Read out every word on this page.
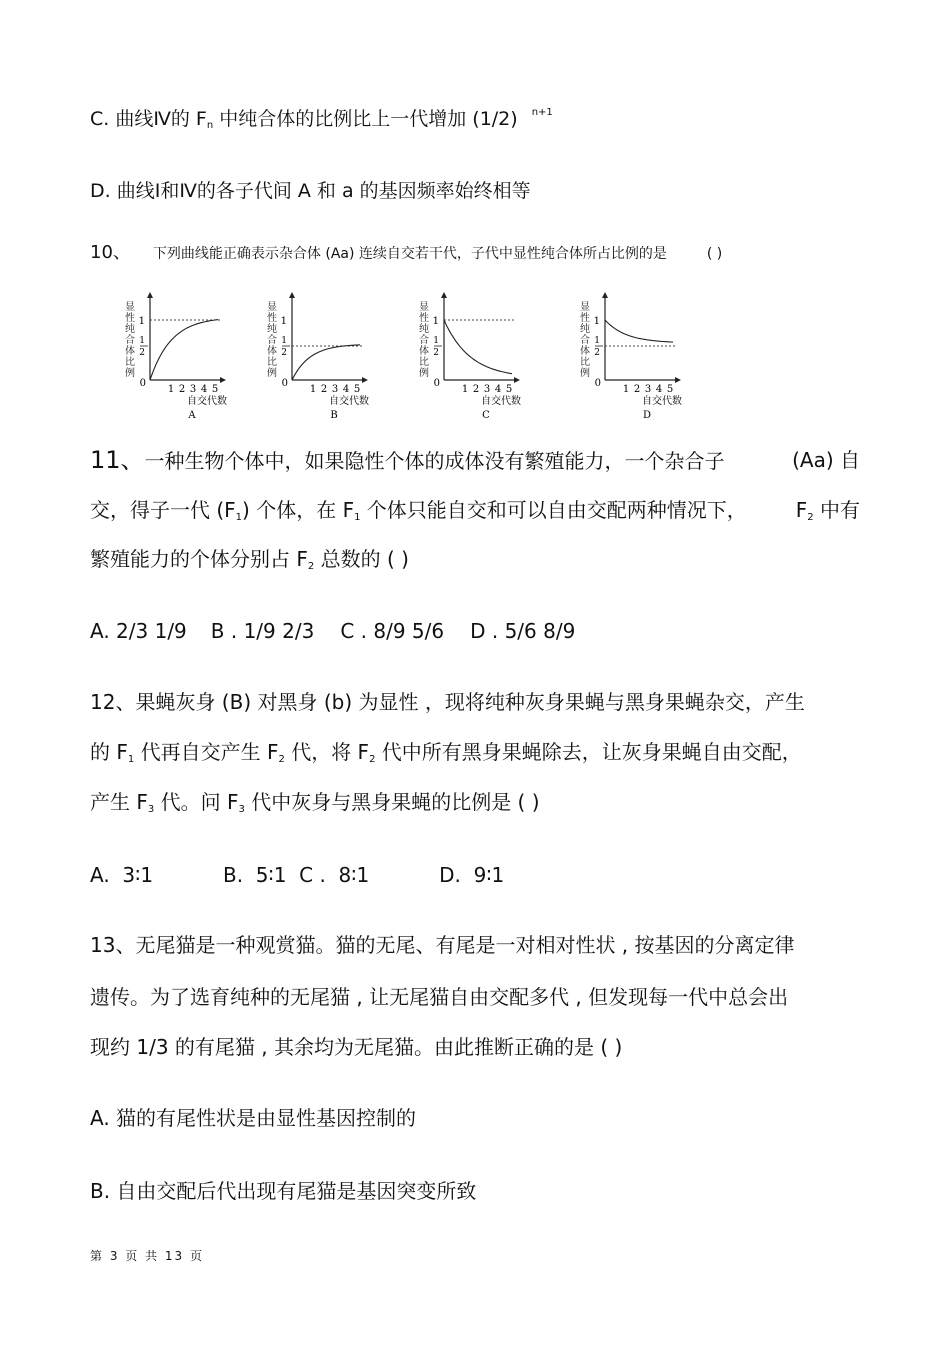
C. 曲线Ⅳ的 $F_n$ 中纯合体的比例比上一代增加 (1/2) $^{n+1}$
D. 曲线Ⅰ和Ⅳ的各子代间 A 和 a 的基因频率始终相等
10、 下列曲线能正确表示杂合体 (Aa) 连续自交若干代，子代中显性纯合体所占比例的是	( )
显
性
纯
合
体
比
例
1
1
2
0
1 2 3 4 5
自交代数
A
显
性
纯
合
体
比
例
1
1
2
0
1 2 3 4 5
自交代数
B
显
性
纯
合
体
比
例
1
1
2
0
1 2 3 4 5
自交代数
C
显
性
纯
合
体
比
例
1
1
2
0
1 2 3 4 5
自交代数
D
11、一种生物个体中，如果隐性个体的成体没有繁殖能力，一个杂合子	(Aa) 自
交，得子一代 $(F_1)$ 个体，在 $F_1$ 个体只能自交和可以自由交配两种情况下， $F_2$ 中有
繁殖能力的个体分别占 $F_2$ 总数的 ( )
A. 2/3 1/9 B . 1/9 2/3 C . 8/9 5/6 D . 5/6 8/9
12、果蝇灰身 (B) 对黑身 (b) 为显性 ，现将纯种灰身果蝇与黑身果蝇杂交，产生
的 $F_1$ 代再自交产生 $F_2$ 代，将 $F_2$ 代中所有黑身果蝇除去，让灰身果蝇自由交配，
产生 $F_3$ 代。问 $F_3$ 代中灰身与黑身果蝇的比例是 ( )
A.  3∶1           B.  5∶1  C .  8∶1           D.  9∶1
13、无尾猫是一种观赏猫。猫的无尾、有尾是一对相对性状 , 按基因的分离定律
遗传。为了选育纯种的无尾猫 , 让无尾猫自由交配多代 , 但发现每一代中总会出
现约 1/3 的有尾猫 , 其余均为无尾猫。由此推断正确的是 ( )
A. 猫的有尾性状是由显性基因控制的
B. 自由交配后代出现有尾猫是基因突变所致
第 3 页 共 13 页
